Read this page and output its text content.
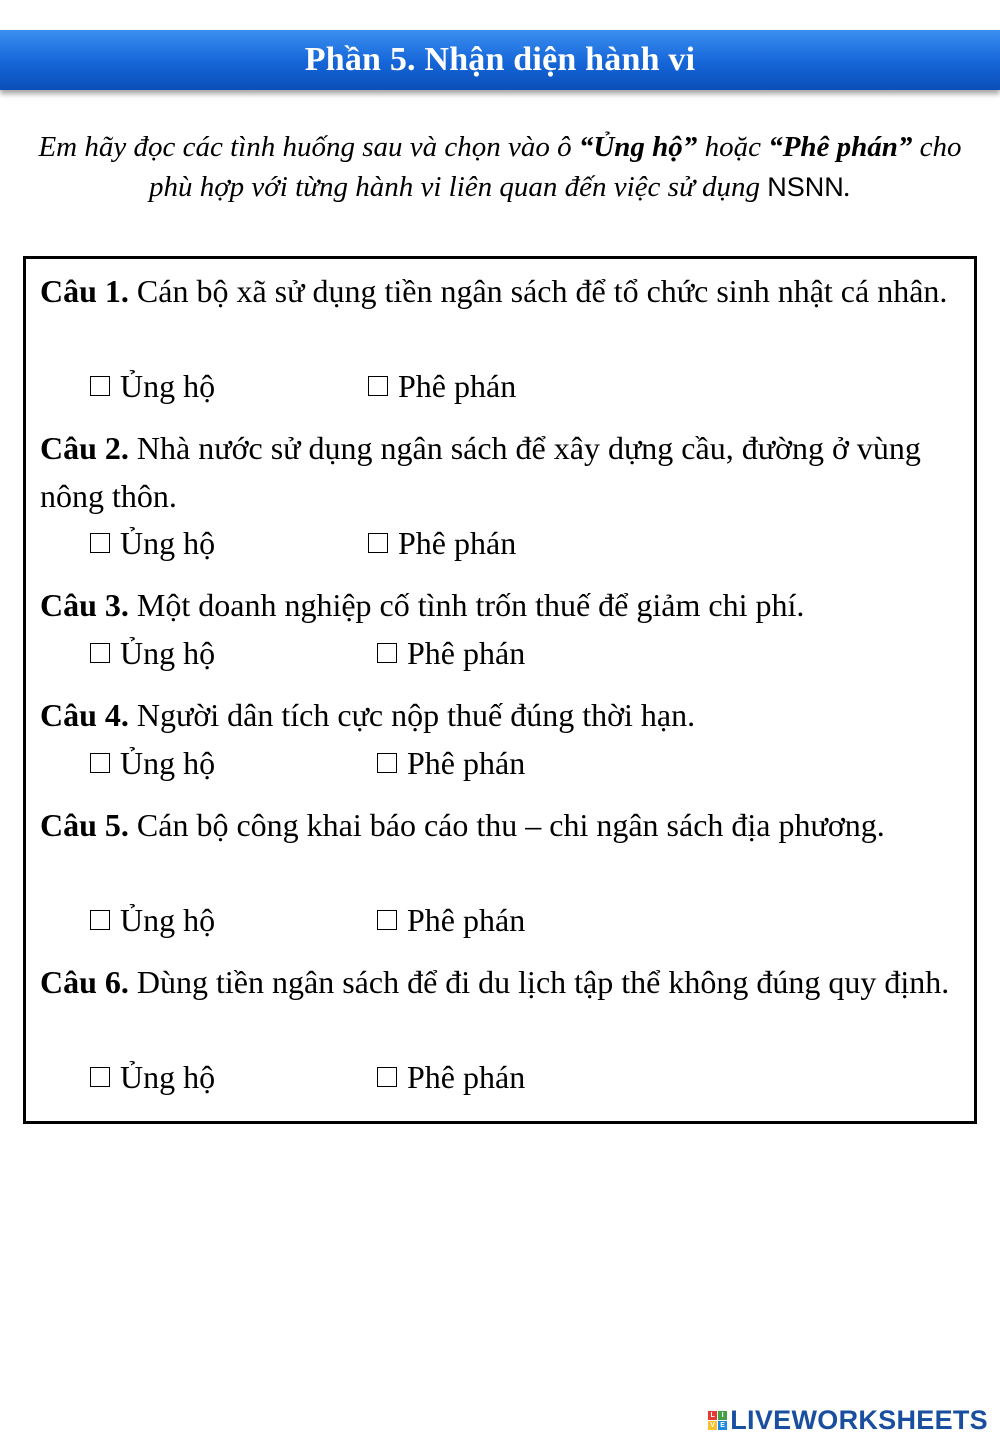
Phần 5. Nhận diện hành vi
Em hãy đọc các tình huống sau và chọn vào ô “Ủng hộ” hoặc “Phê phán” cho phù hợp với từng hành vi liên quan đến việc sử dụng NSNN.
Câu 1. Cán bộ xã sử dụng tiền ngân sách để tổ chức sinh nhật cá nhân.
Ủng hộ	Phê phán
Câu 2. Nhà nước sử dụng ngân sách để xây dựng cầu, đường ở vùng nông thôn.
Ủng hộ	Phê phán
Câu 3. Một doanh nghiệp cố tình trốn thuế để giảm chi phí.
Ủng hộ	Phê phán
Câu 4. Người dân tích cực nộp thuế đúng thời hạn.
Ủng hộ	Phê phán
Câu 5. Cán bộ công khai báo cáo thu – chi ngân sách địa phương.
Ủng hộ	Phê phán
Câu 6. Dùng tiền ngân sách để đi du lịch tập thể không đúng quy định.
Ủng hộ	Phê phán
L I
V E LIVEWORKSHEETS
